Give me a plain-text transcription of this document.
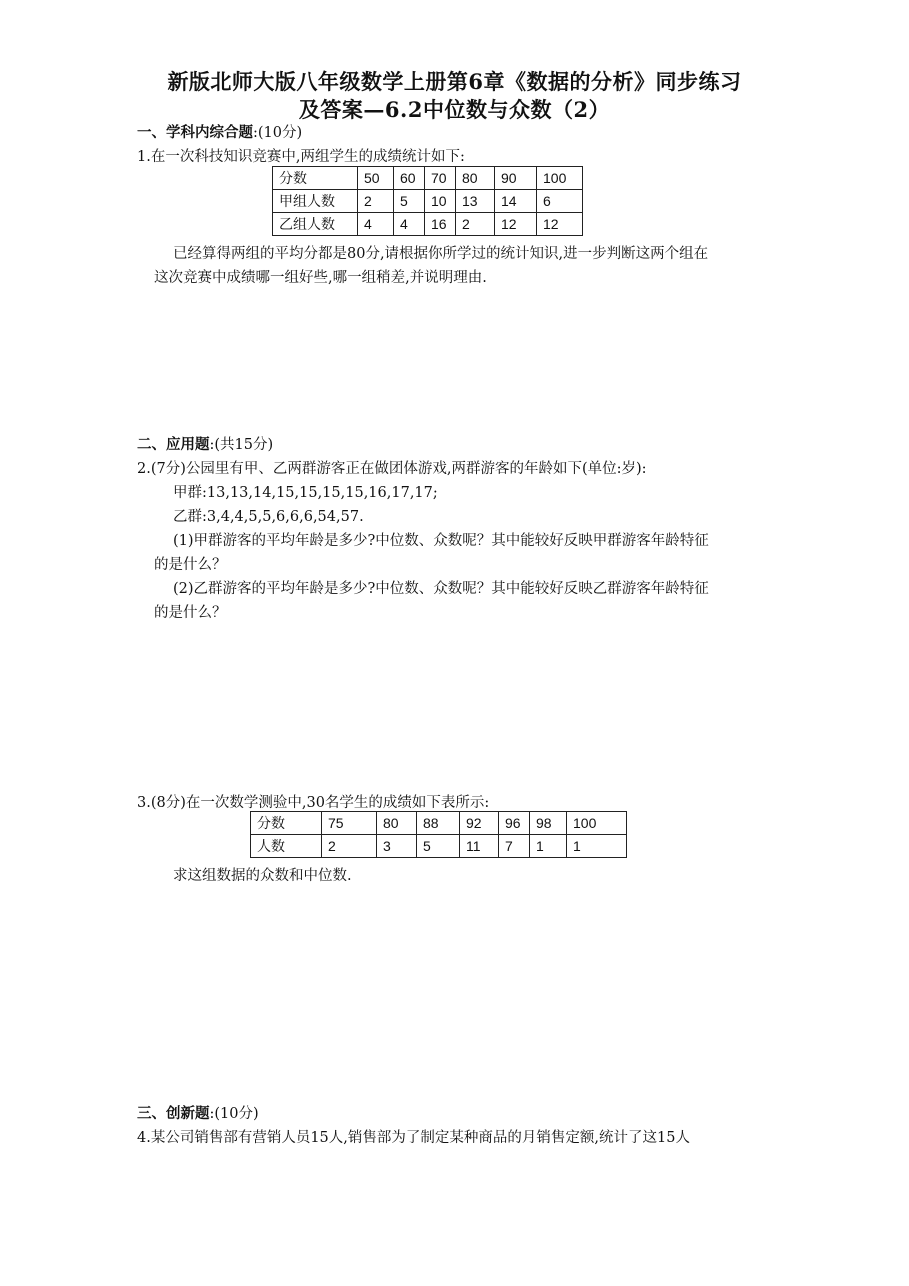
新版北师大版八年级数学上册第6章《数据的分析》同步练习
及答案—6.2中位数与众数（2）
一、学科内综合题:(10分)
1.在一次科技知识竞赛中,两组学生的成绩统计如下:
分数	50	60	70	80	90	100
甲组人数	2	5	10	13	14	6
乙组人数	4	4	16	2	12	12
已经算得两组的平均分都是80分,请根据你所学过的统计知识,进一步判断这两个组在
这次竞赛中成绩哪一组好些,哪一组稍差,并说明理由.
二、应用题:(共15分)
2.(7分)公园里有甲、乙两群游客正在做团体游戏,两群游客的年龄如下(单位:岁):
甲群:13,13,14,15,15,15,15,16,17,17;
乙群:3,4,4,5,5,6,6,6,54,57.
(1)甲群游客的平均年龄是多少?中位数、众数呢？其中能较好反映甲群游客年龄特征
的是什么？
(2)乙群游客的平均年龄是多少?中位数、众数呢？其中能较好反映乙群游客年龄特征
的是什么？
3.(8分)在一次数学测验中,30名学生的成绩如下表所示:
分数	75	80	88	92	96	98	100
人数	2	3	5	11	7	1	1
求这组数据的众数和中位数.
三、创新题:(10分)
4.某公司销售部有营销人员15人,销售部为了制定某种商品的月销售定额,统计了这15人
